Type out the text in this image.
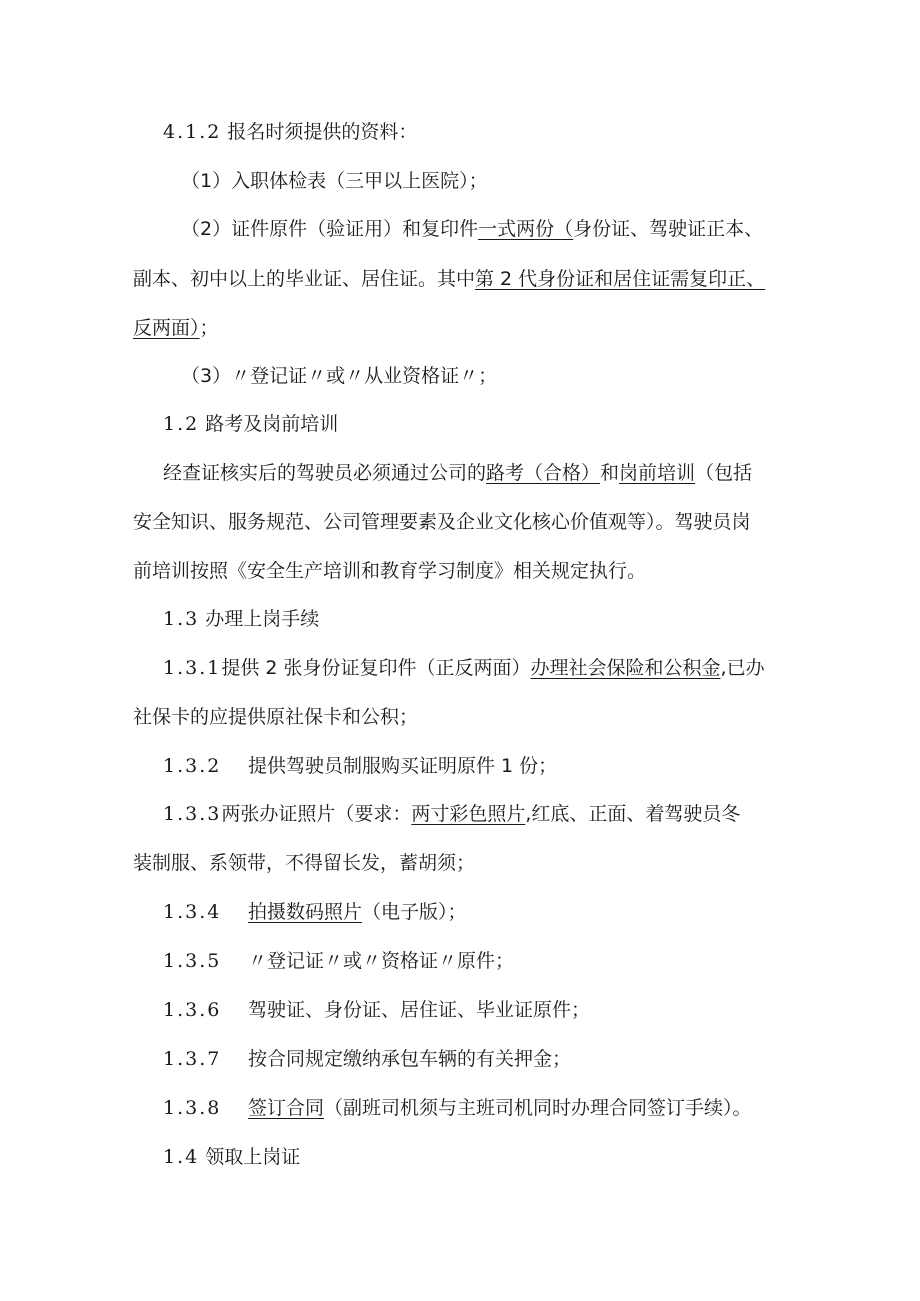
4.1.2 报名时须提供的资料：
（1）入职体检表（三甲以上医院）；
（2）证件原件（验证用）和复印件一式两份（身份证、驾驶证正本、
副本、初中以上的毕业证、居住证。其中第 2 代身份证和居住证需复印正、
反两面）；
（3）〃登记证〃或〃从业资格证〃；
1.2 路考及岗前培训
经查证核实后的驾驶员必须通过公司的路考（合格）和岗前培训（包括
安全知识、服务规范、公司管理要素及企业文化核心价值观等）。驾驶员岗
前培训按照《安全生产培训和教育学习制度》相关规定执行。
1.3 办理上岗手续
1.3.1提供 2 张身份证复印件（正反两面）办理社会保险和公积金,已办
社保卡的应提供原社保卡和公积；
1.3.2 提供驾驶员制服购买证明原件 1 份；
1.3.3两张办证照片（要求：两寸彩色照片,红底、正面、着驾驶员冬
装制服、系领带，不得留长发，蓄胡须；
1.3.4 拍摄数码照片（电子版）；
1.3.5 〃登记证〃或〃资格证〃原件；
1.3.6 驾驶证、身份证、居住证、毕业证原件；
1.3.7 按合同规定缴纳承包车辆的有关押金；
1.3.8 签订合同（副班司机须与主班司机同时办理合同签订手续）。
1.4 领取上岗证
